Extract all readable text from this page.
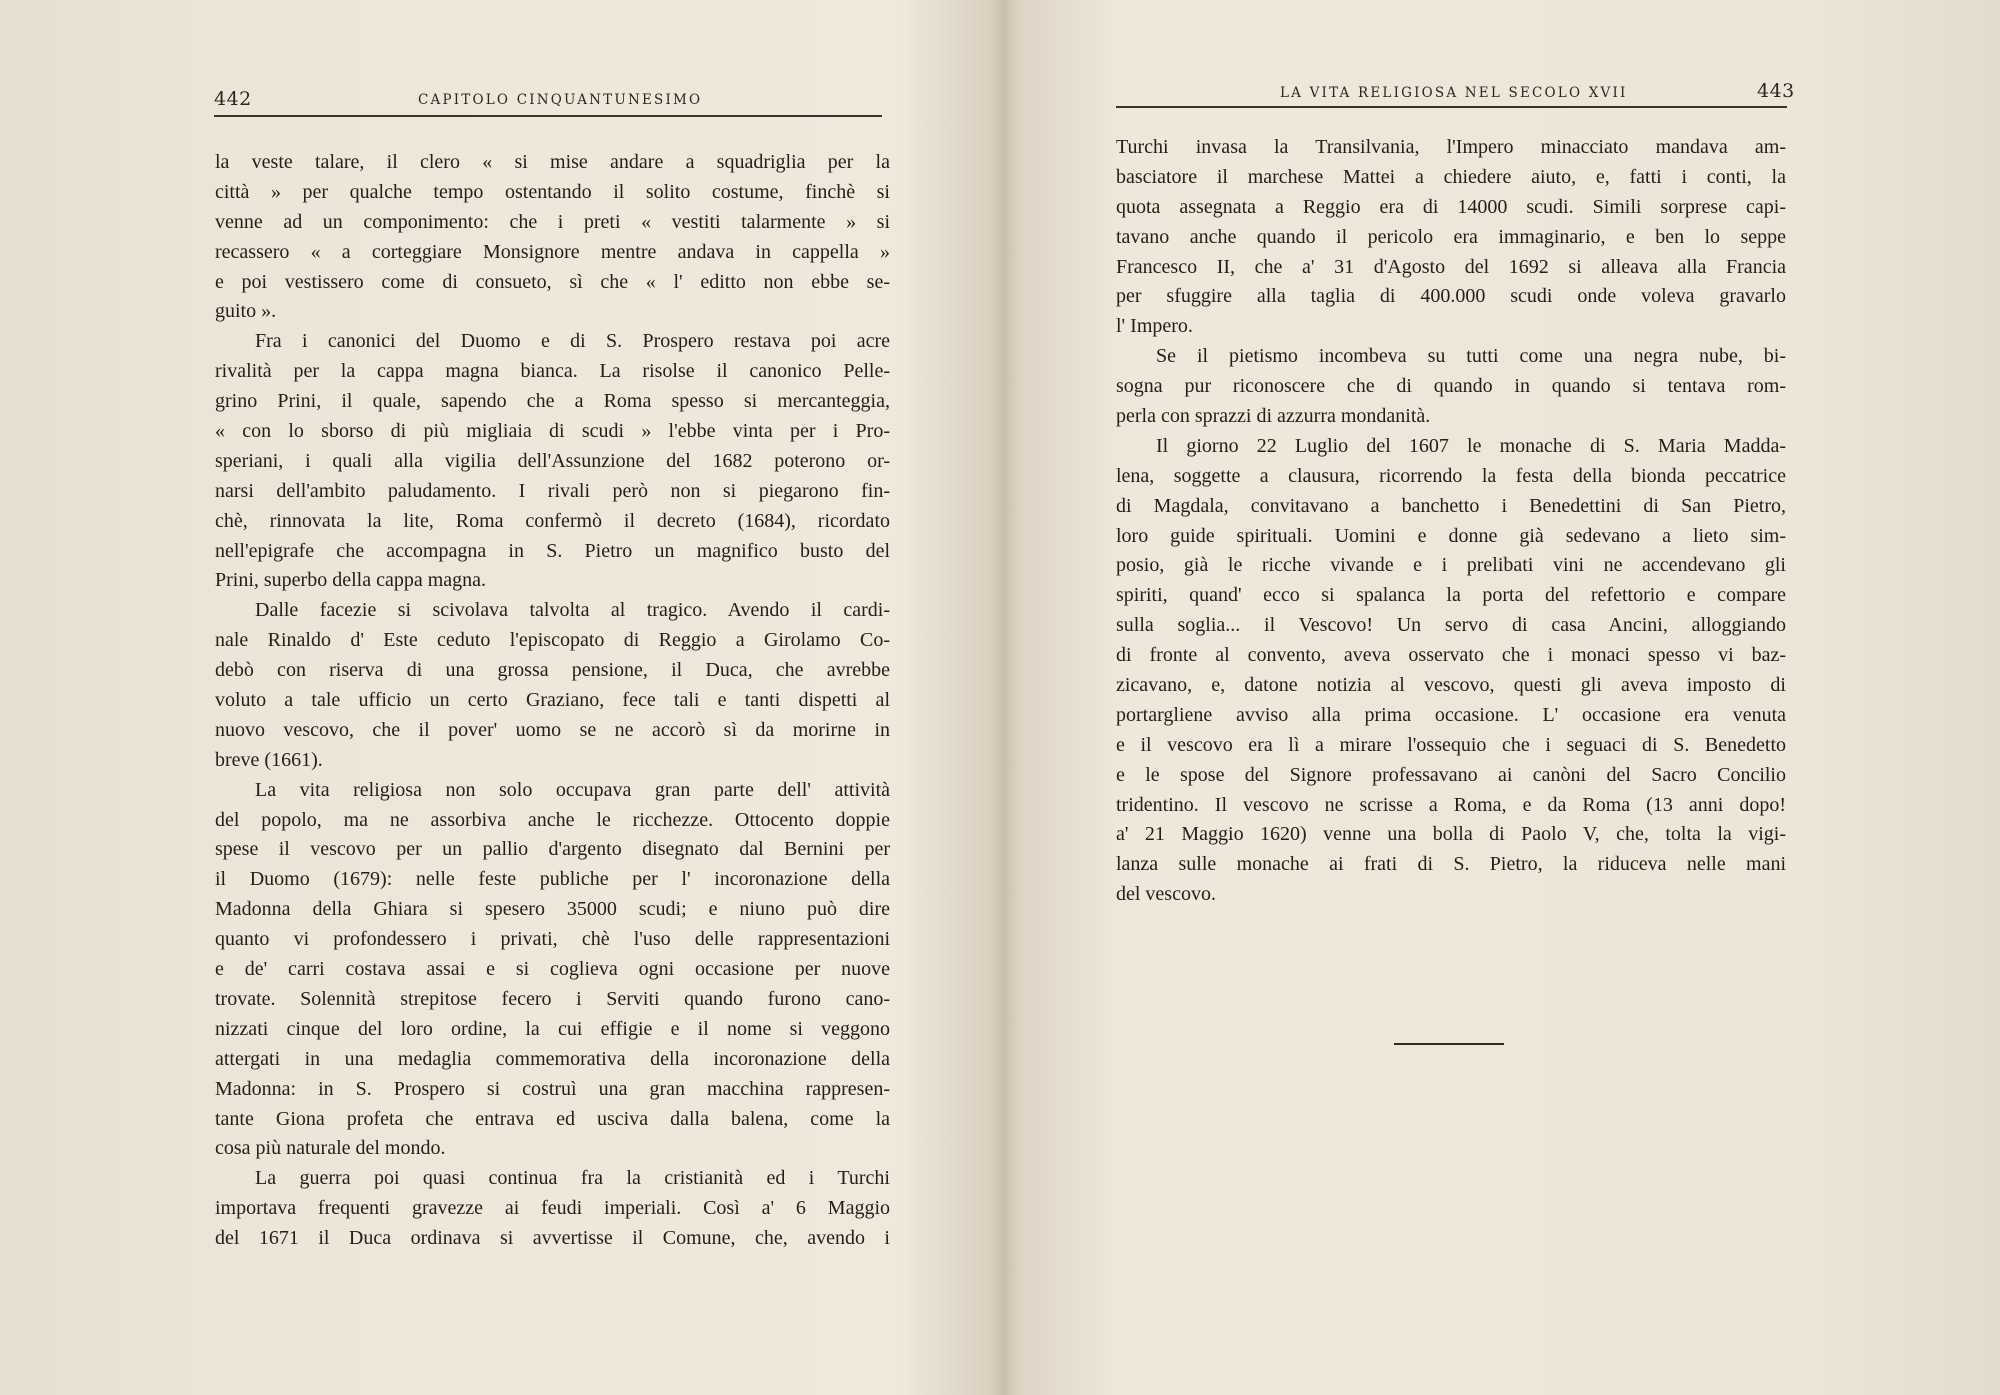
442	CAPITOLO CINQUANTUNESIMO
la veste talare, il clero « si mise andare a squadriglia per la
città » per qualche tempo ostentando il solito costume, finchè si
venne ad un componimento: che i preti « vestiti talarmente » si
recassero « a corteggiare Monsignore mentre andava in cappella »
e poi vestissero come di consueto, sì che « l' editto non ebbe se-
guito ».
Fra i canonici del Duomo e di S. Prospero restava poi acre
rivalità per la cappa magna bianca. La risolse il canonico Pelle-
grino Prini, il quale, sapendo che a Roma spesso si mercanteggia,
« con lo sborso di più migliaia di scudi » l'ebbe vinta per i Pro-
speriani, i quali alla vigilia dell'Assunzione del 1682 poterono or-
narsi dell'ambito paludamento. I rivali però non si piegarono fin-
chè, rinnovata la lite, Roma confermò il decreto (1684), ricordato
nell'epigrafe che accompagna in S. Pietro un magnifico busto del
Prini, superbo della cappa magna.
Dalle facezie si scivolava talvolta al tragico. Avendo il cardi-
nale Rinaldo d' Este ceduto l'episcopato di Reggio a Girolamo Co-
debò con riserva di una grossa pensione, il Duca, che avrebbe
voluto a tale ufficio un certo Graziano, fece tali e tanti dispetti al
nuovo vescovo, che il pover' uomo se ne accorò sì da morirne in
breve (1661).
La vita religiosa non solo occupava gran parte dell' attività
del popolo, ma ne assorbiva anche le ricchezze. Ottocento doppie
spese il vescovo per un pallio d'argento disegnato dal Bernini per
il Duomo (1679): nelle feste publiche per l' incoronazione della
Madonna della Ghiara si spesero 35000 scudi; e niuno può dire
quanto vi profondessero i privati, chè l'uso delle rappresentazioni
e de' carri costava assai e si coglieva ogni occasione per nuove
trovate. Solennità strepitose fecero i Serviti quando furono cano-
nizzati cinque del loro ordine, la cui effigie e il nome si veggono
attergati in una medaglia commemorativa della incoronazione della
Madonna: in S. Prospero si costruì una gran macchina rappresen-
tante Giona profeta che entrava ed usciva dalla balena, come la
cosa più naturale del mondo.
La guerra poi quasi continua fra la cristianità ed i Turchi
importava frequenti gravezze ai feudi imperiali. Così a' 6 Maggio
del 1671 il Duca ordinava si avvertisse il Comune, che, avendo i
LA VITA RELIGIOSA NEL SECOLO XVII	443
Turchi invasa la Transilvania, l'Impero minacciato mandava am-
basciatore il marchese Mattei a chiedere aiuto, e, fatti i conti, la
quota assegnata a Reggio era di 14000 scudi. Simili sorprese capi-
tavano anche quando il pericolo era immaginario, e ben lo seppe
Francesco II, che a' 31 d'Agosto del 1692 si alleava alla Francia
per sfuggire alla taglia di 400.000 scudi onde voleva gravarlo
l' Impero.
Se il pietismo incombeva su tutti come una negra nube, bi-
sogna pur riconoscere che di quando in quando si tentava rom-
perla con sprazzi di azzurra mondanità.
Il giorno 22 Luglio del 1607 le monache di S. Maria Madda-
lena, soggette a clausura, ricorrendo la festa della bionda peccatrice
di Magdala, convitavano a banchetto i Benedettini di San Pietro,
loro guide spirituali. Uomini e donne già sedevano a lieto sim-
posio, già le ricche vivande e i prelibati vini ne accendevano gli
spiriti, quand' ecco si spalanca la porta del refettorio e compare
sulla soglia... il Vescovo! Un servo di casa Ancini, alloggiando
di fronte al convento, aveva osservato che i monaci spesso vi baz-
zicavano, e, datone notizia al vescovo, questi gli aveva imposto di
portargliene avviso alla prima occasione. L' occasione era venuta
e il vescovo era lì a mirare l'ossequio che i seguaci di S. Benedetto
e le spose del Signore professavano ai canòni del Sacro Concilio
tridentino. Il vescovo ne scrisse a Roma, e da Roma (13 anni dopo!
a' 21 Maggio 1620) venne una bolla di Paolo V, che, tolta la vigi-
lanza sulle monache ai frati di S. Pietro, la riduceva nelle mani
del vescovo.
